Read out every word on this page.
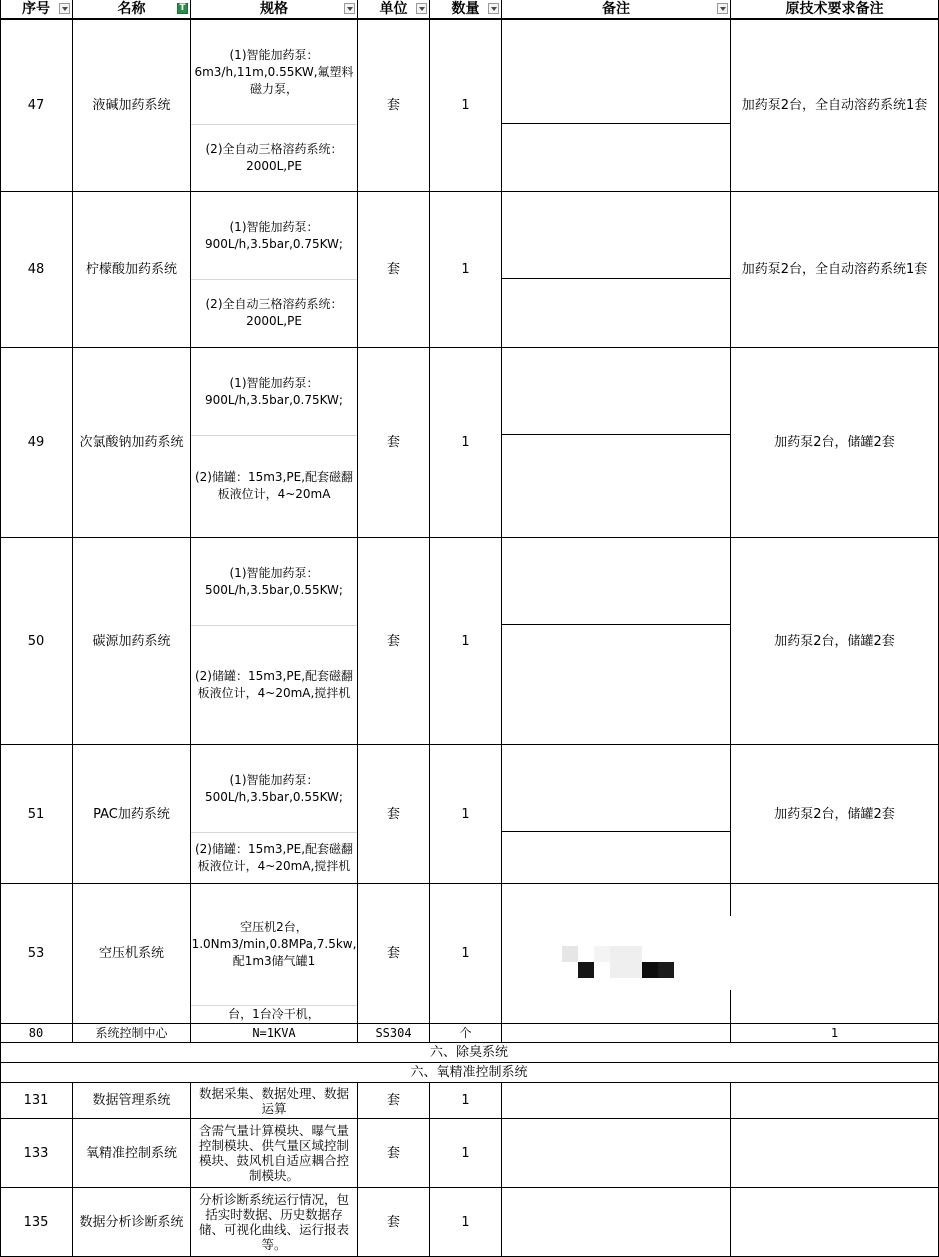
序号	名称
T	规格	单位	数量	备注	原技术要求备注
47	液碱加药系统	套	1	加药泵2台，全自动溶药系统1套
(1)智能加药泵：6m3/h,11m,0.55KW,氟塑料磁力泵，
(2)全自动三格溶药系统：2000L,PE
48	柠檬酸加药系统	套	1	加药泵2台，全自动溶药系统1套
(1)智能加药泵：900L/h,3.5bar,0.75KW;
(2)全自动三格溶药系统：2000L,PE
49	次氯酸钠加药系统	套	1	加药泵2台，储罐2套
(1)智能加药泵：900L/h,3.5bar,0.75KW;
(2)储罐：15m3,PE,配套磁翻板液位计，4~20mA
50	碳源加药系统	套	1	加药泵2台，储罐2套
(1)智能加药泵：500L/h,3.5bar,0.55KW;
(2)储罐：15m3,PE,配套磁翻板液位计，4~20mA,搅拌机
51	PAC加药系统	套	1	加药泵2台，储罐2套
(1)智能加药泵：500L/h,3.5bar,0.55KW;
(2)储罐：15m3,PE,配套磁翻板液位计，4~20mA,搅拌机
53	空压机系统	套	1
空压机2台，1.0Nm3/min,0.8MPa,7.5kw,配1m3储气罐1
台，1台冷干机，
80	系统控制中心	N=1KVA	SS304	个	1
六、除臭系统
六、氧精准控制系统
131	数据管理系统	数据采集、数据处理、数据运算	套	1
133	氧精准控制系统
含需气量计算模块、曝气量控制模块、供气量区域控制模块、鼓风机自适应耦合控制模块。
套	1
135	数据分析诊断系统
分析诊断系统运行情况，包括实时数据、历史数据存储、可视化曲线、运行报表等。
套	1
